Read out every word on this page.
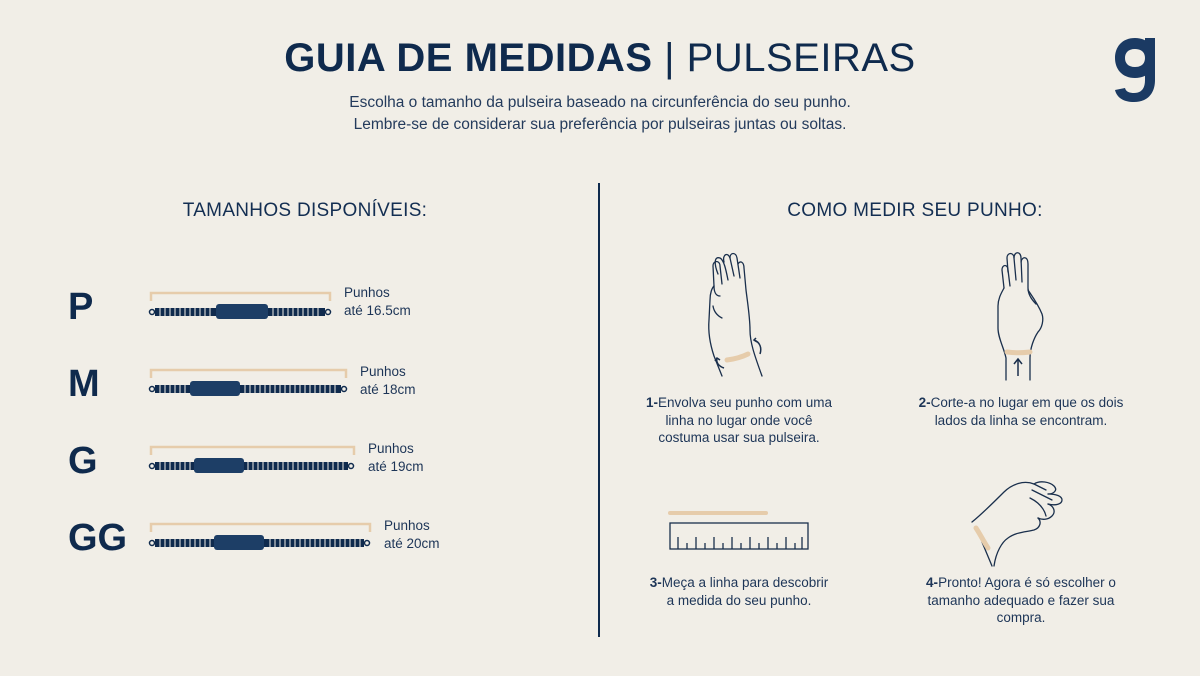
GUIA DE MEDIDAS | PULSEIRAS
Escolha o tamanho da pulseira baseado na circunferência do seu punho.
Lembre-se de considerar sua preferência por pulseiras juntas ou soltas.
TAMANHOS DISPONÍVEIS:
P	Punhos
até 16.5cm
M	Punhos
até 18cm
G	Punhos
até 19cm
GG	Punhos
até 20cm
COMO MEDIR SEU PUNHO:
1-Envolva seu punho com uma
linha no lugar onde você
costuma usar sua pulseira.
2-Corte-a no lugar em que os dois
lados da linha se encontram.
3-Meça a linha para descobrir
a medida do seu punho.
4-Pronto! Agora é só escolher o
tamanho adequado e fazer sua
compra.
